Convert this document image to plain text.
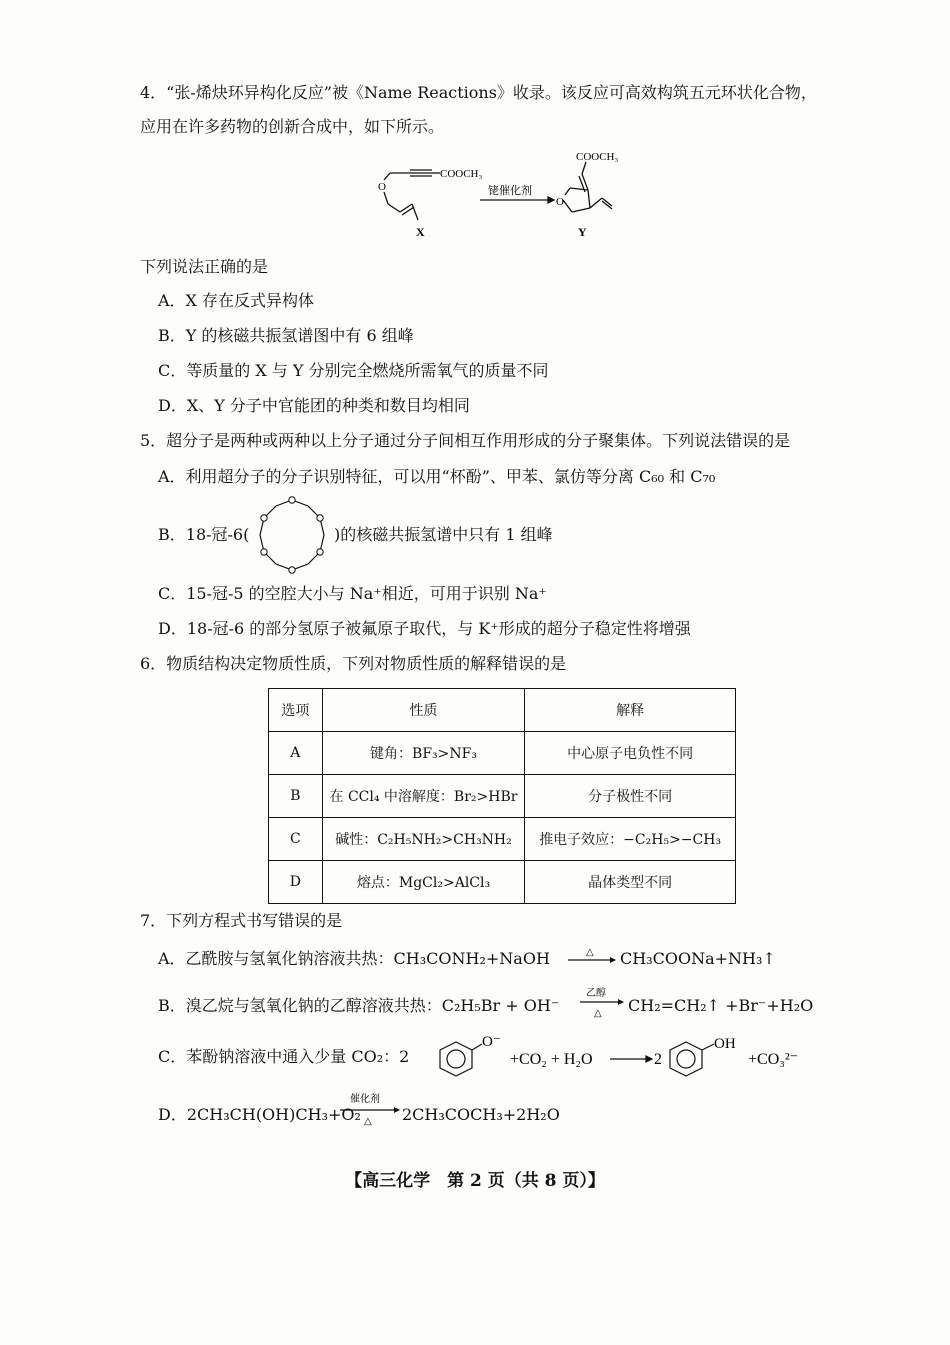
4．“张-烯炔环异构化反应”被《Name Reactions》收录。该反应可高效构筑五元环状化合物，
应用在许多药物的创新合成中，如下所示。
O
COOCH₃
X
铑催化剂
O
COOCH₃
Y
下列说法正确的是
A．X 存在反式异构体
B．Y 的核磁共振氢谱图中有 6 组峰
C．等质量的 X 与 Y 分别完全燃烧所需氧气的质量不同
D．X、Y 分子中官能团的种类和数目均相同
5．超分子是两种或两种以上分子通过分子间相互作用形成的分子聚集体。下列说法错误的是
A．利用超分子的分子识别特征，可以用“杯酚”、甲苯、氯仿等分离 C₆₀ 和 C₇₀
B．18-冠-6(	)的核磁共振氢谱中只有 1 组峰
C．15-冠-5 的空腔大小与 Na⁺相近，可用于识别 Na⁺
D．18-冠-6 的部分氢原子被氟原子取代，与 K⁺形成的超分子稳定性将增强
6．物质结构决定物质性质，下列对物质性质的解释错误的是
选项	性质	解释
A	键角：BF₃>NF₃	中心原子电负性不同
B	在 CCl₄ 中溶解度：Br₂>HBr	分子极性不同
C	碱性：C₂H₅NH₂>CH₃NH₂	推电子效应：−C₂H₅>−CH₃
D	熔点：MgCl₂>AlCl₃	晶体类型不同
7．下列方程式书写错误的是
A．乙酰胺与氢氧化钠溶液共热：CH₃CONH₂+NaOH	△ CH₃COONa+NH₃↑
B．溴乙烷与氢氧化钠的乙醇溶液共热：C₂H₅Br + OH⁻
乙醇
△ CH₂=CH₂↑ +Br⁻+H₂O
C．苯酚钠溶液中通入少量 CO₂：2
O⁻
+CO₂ + H₂O	2
OH
+CO₃²⁻
D．2CH₃CH(OH)CH₃+O₂
催化剂
△ 2CH₃COCH₃+2H₂O
【高三化学　第 2 页（共 8 页）】
